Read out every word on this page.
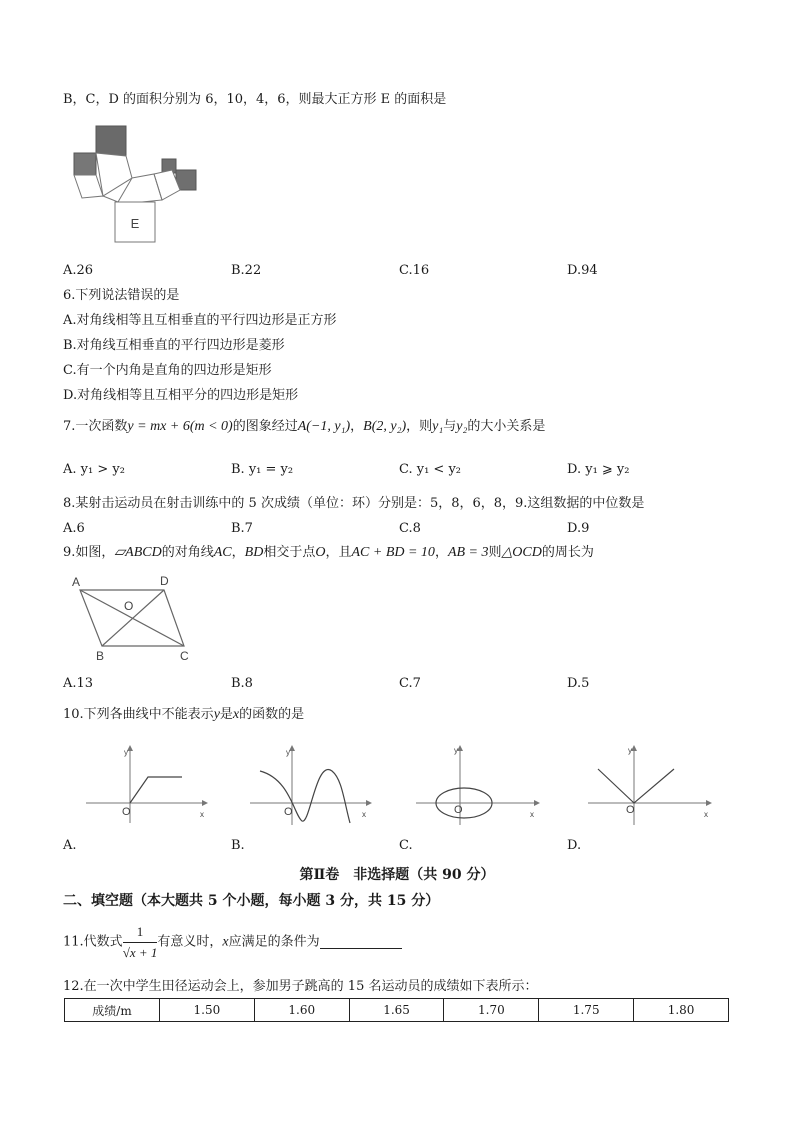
B，C，D 的面积分别为 6，10，4，6，则最大正方形 E 的面积是
E
A.26	B.22	C.16	D.94
6.下列说法错误的是
A.对角线相等且互相垂直的平行四边形是正方形
B.对角线互相垂直的平行四边形是菱形
C.有一个内角是直角的四边形是矩形
D.对角线相等且互相平分的四边形是矩形
7.一次函数y = mx + 6(m < 0)的图象经过A(−1, y₁)，B(2, y₂)，则y₁与y₂的大小关系是
A. y₁ > y₂	B. y₁ = y₂	C. y₁ < y₂	D. y₁ ⩾ y₂
8.某射击运动员在射击训练中的 5 次成绩（单位：环）分别是：5，8，6，8，9.这组数据的中位数是
A.6	B.7	C.8	D.9
9.如图，▱ABCD的对角线AC，BD相交于点O，且AC + BD = 10，AB = 3则△OCD的周长为
A	D
O
B	C
A.13	B.8	C.7	D.5
10.下列各曲线中不能表示y是x的函数的是
y
x
O
y
x
O
y
x
O
y
x
O
A.	B.	C.	D.
第Ⅱ卷　非选择题（共 90 分）
二、填空题（本大题共 5 个小题，每小题 3 分，共 15 分）
11.代数式 $\frac{1}{√x + 1}$ 有意义时，x应满足的条件为
12.在一次中学生田径运动会上，参加男子跳高的 15 名运动员的成绩如下表所示：
成绩/m	1.50	1.60	1.65	1.70	1.75	1.80
